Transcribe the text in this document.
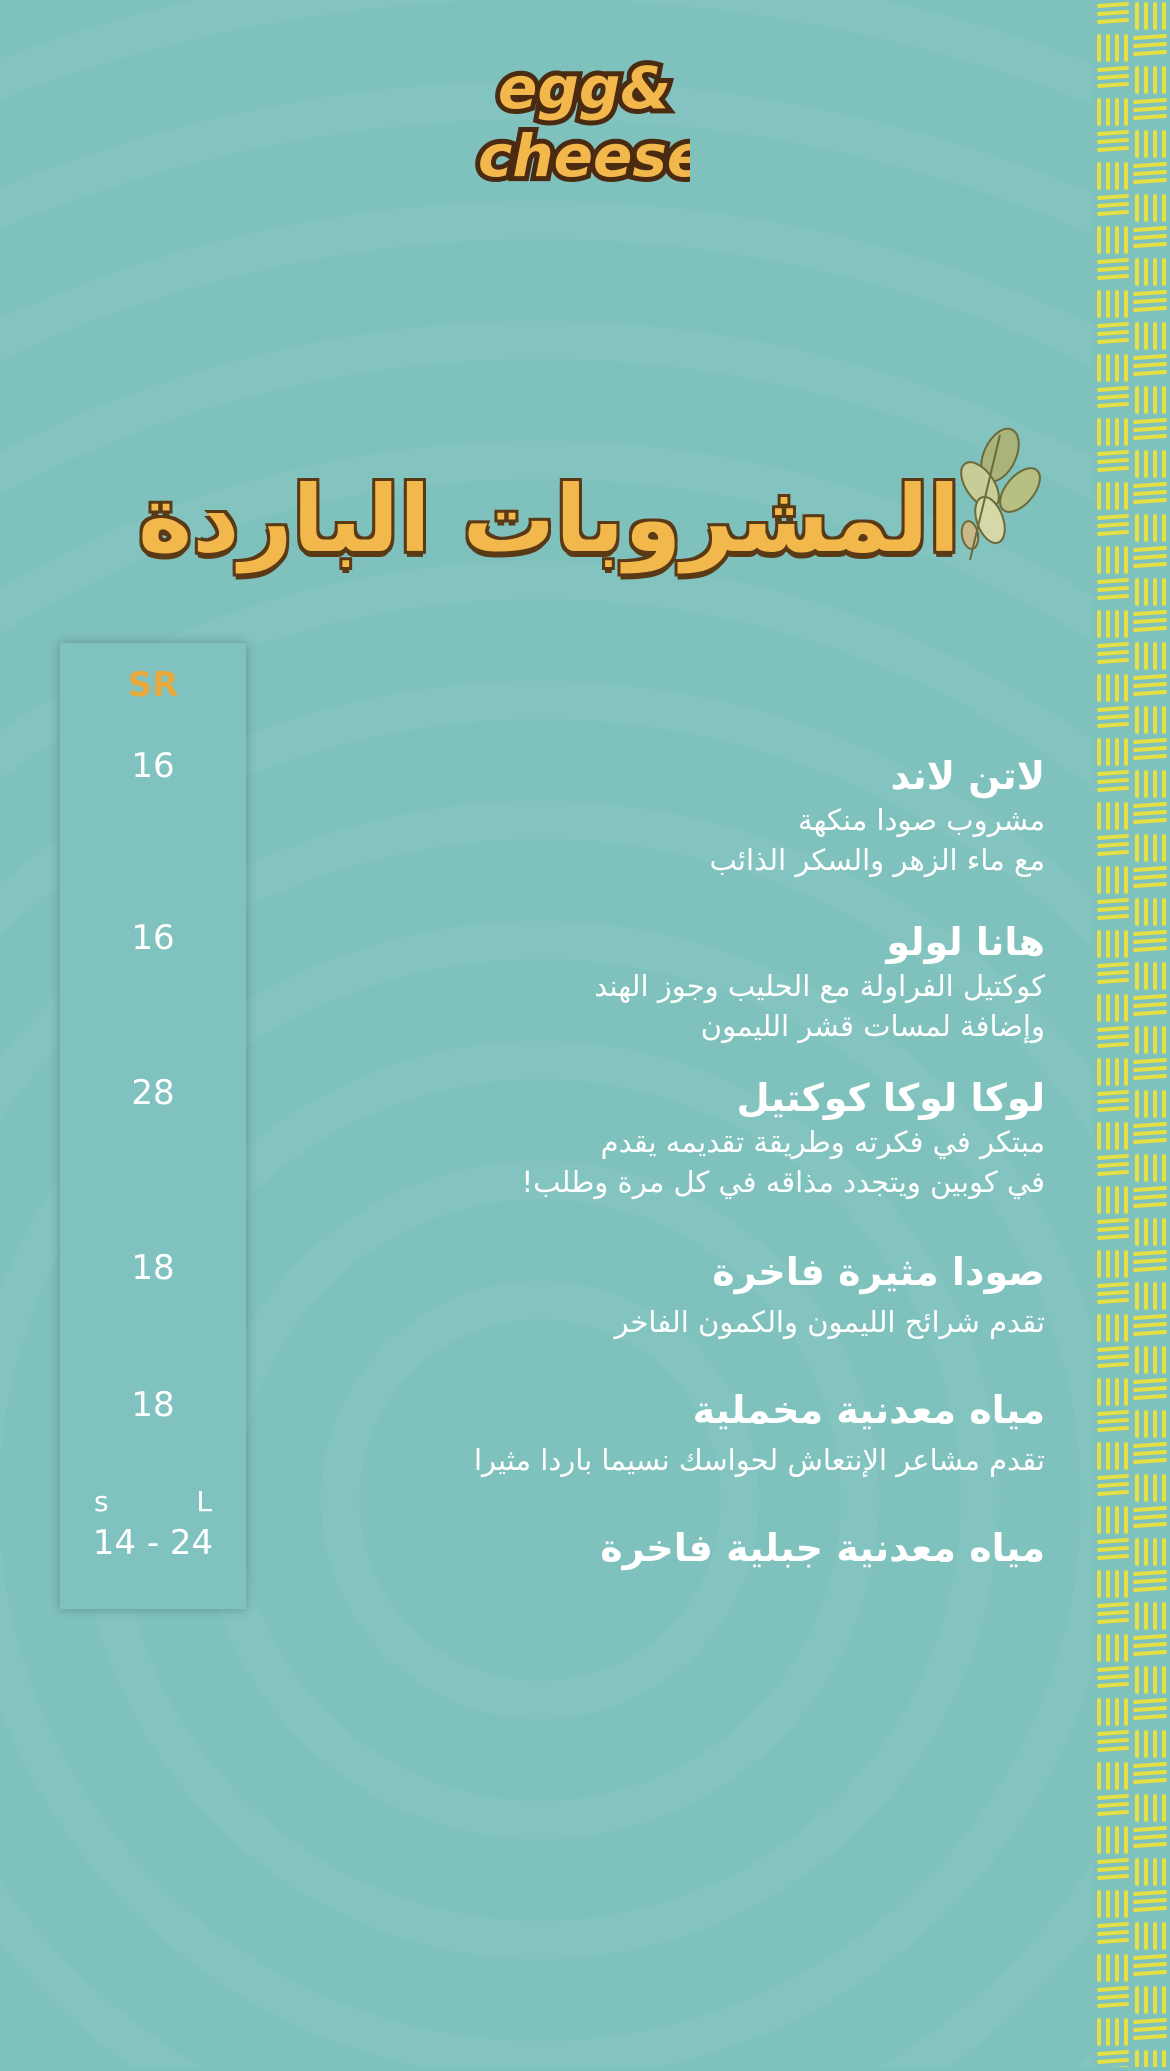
egg&
cheese
المشروبات الباردة
SR
16
16
28
18
18
s	L
14 - 24
لاتن لاند
مشروب صودا منكهة
مع ماء الزهر والسكر الذائب
هانا لولو
كوكتيل الفراولة مع الحليب وجوز الهند
وإضافة لمسات قشر الليمون
لوكا لوكا كوكتيل
مبتكر في فكرته وطريقة تقديمه يقدم
في كوبين ويتجدد مذاقه في كل مرة وطلب!
صودا مثيرة فاخرة
تقدم شرائح الليمون والكمون الفاخر
مياه معدنية مخملية
تقدم مشاعر الإنتعاش لحواسك نسيما باردا مثيرا
مياه معدنية جبلية فاخرة
